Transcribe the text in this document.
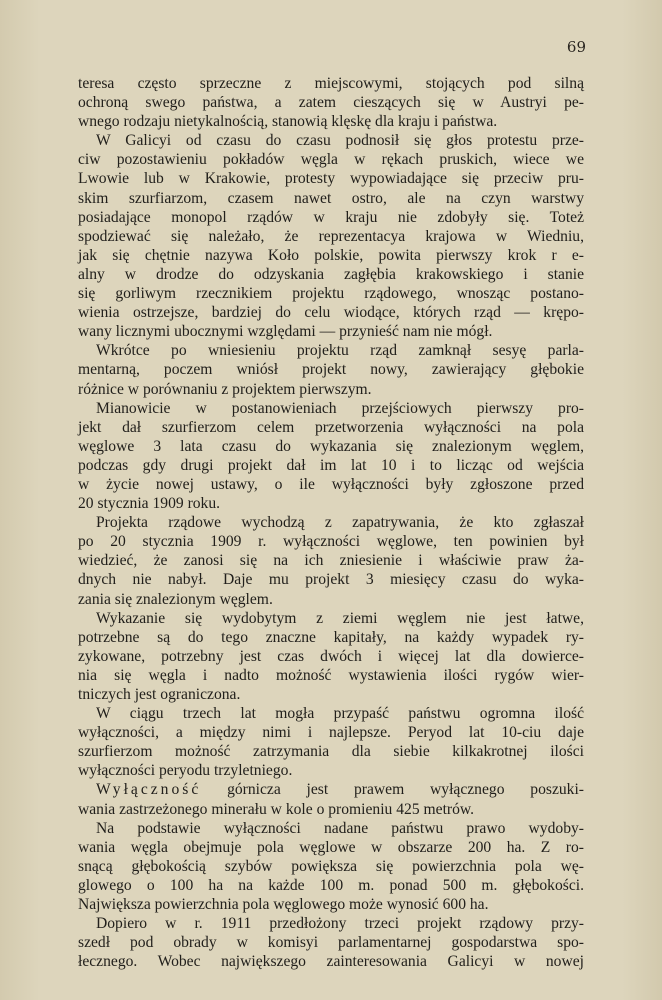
69
teresa często sprzeczne z miejscowymi, stojących pod silną
ochroną swego państwa, a zatem cieszących się w Austryi pe-
wnego rodzaju nietykalnością, stanowią klęskę dla kraju i państwa.
W Galicyi od czasu do czasu podnosił się głos protestu prze-
ciw pozostawieniu pokładów węgla w rękach pruskich, wiece we
Lwowie lub w Krakowie, protesty wypowiadające się przeciw pru-
skim szurfiarzom, czasem nawet ostro, ale na czyn warstwy
posiadające monopol rządów w kraju nie zdobyły się. Toteż
spodziewać się należało, że reprezentacya krajowa w Wiedniu,
jak się chętnie nazywa Koło polskie, powita pierwszy krok r e-
alny w drodze do odzyskania zagłębia krakowskiego i stanie
się gorliwym rzecznikiem projektu rządowego, wnosząc postano-
wienia ostrzejsze, bardziej do celu wiodące, których rząd — krępo-
wany licznymi ubocznymi względami — przynieść nam nie mógł.
Wkrótce po wniesieniu projektu rząd zamknął sesyę parla-
mentarną, poczem wniósł projekt nowy, zawierający głębokie
różnice w porównaniu z projektem pierwszym.
Mianowicie w postanowieniach przejściowych pierwszy pro-
jekt dał szurfierzom celem przetworzenia wyłączności na pola
węglowe 3 lata czasu do wykazania się znalezionym węglem,
podczas gdy drugi projekt dał im lat 10 i to licząc od wejścia
w życie nowej ustawy, o ile wyłączności były zgłoszone przed
20 stycznia 1909 roku.
Projekta rządowe wychodzą z zapatrywania, że kto zgłaszał
po 20 stycznia 1909 r. wyłączności węglowe, ten powinien był
wiedzieć, że zanosi się na ich zniesienie i właściwie praw ża-
dnych nie nabył. Daje mu projekt 3 miesięcy czasu do wyka-
zania się znalezionym węglem.
Wykazanie się wydobytym z ziemi węglem nie jest łatwe,
potrzebne są do tego znaczne kapitały, na każdy wypadek ry-
zykowane, potrzebny jest czas dwóch i więcej lat dla dowierce-
nia się węgla i nadto możność wystawienia ilości rygów wier-
tniczych jest ograniczona.
W ciągu trzech lat mogła przypaść państwu ogromna ilość
wyłączności, a między nimi i najlepsze. Peryod lat 10-ciu daje
szurfierzom możność zatrzymania dla siebie kilkakrotnej ilości
wyłączności peryodu trzyletniego.
Wyłączność górnicza jest prawem wyłącznego poszuki-
wania zastrzeżonego minerału w kole o promieniu 425 metrów.
Na podstawie wyłączności nadane państwu prawo wydoby-
wania węgla obejmuje pola węglowe w obszarze 200 ha. Z ro-
snącą głębokością szybów powiększa się powierzchnia pola wę-
glowego o 100 ha na każde 100 m. ponad 500 m. głębokości.
Największa powierzchnia pola węglowego może wynosić 600 ha.
Dopiero w r. 1911 przedłożony trzeci projekt rządowy przy-
szedł pod obrady w komisyi parlamentarnej gospodarstwa spo-
łecznego. Wobec największego zainteresowania Galicyi w nowej
